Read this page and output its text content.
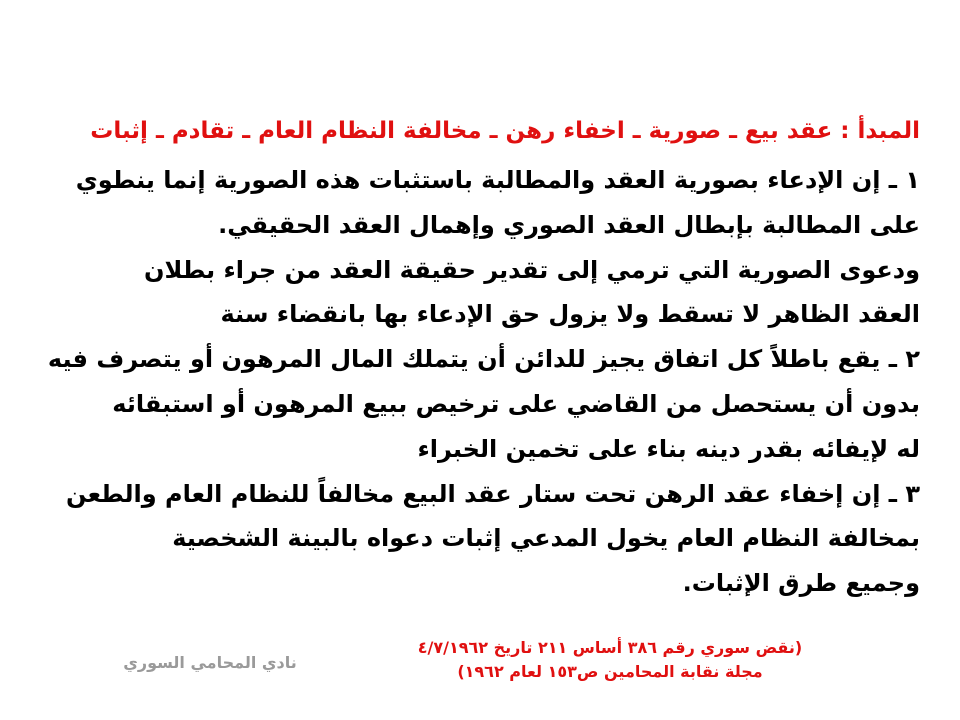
المبدأ : عقد بيع ـ صورية ـ اخفاء رهن ـ مخالفة النظام العام ـ تقادم ـ إثبات
١ ـ إن الإدعاء بصورية العقد والمطالبة باستثبات هذه الصورية إنما ينطوي
على المطالبة بإبطال العقد الصوري وإهمال العقد الحقيقي.
ودعوى الصورية التي ترمي إلى تقدير حقيقة العقد من جراء بطلان
العقد الظاهر لا تسقط ولا يزول حق الإدعاء بها بانقضاء سنة
٢ ـ يقع باطلاً كل اتفاق يجيز للدائن أن يتملك المال المرهون أو يتصرف فيه
بدون أن يستحصل من القاضي على ترخيص ببيع المرهون أو استبقائه
له لإيفائه بقدر دينه بناء على تخمين الخبراء
٣ ـ إن إخفاء عقد الرهن تحت ستار عقد البيع مخالفاً للنظام العام والطعن
بمخالفة النظام العام يخول المدعي إثبات دعواه بالبينة الشخصية
وجميع طرق الإثبات.
(نقض سوري رقم ٣٨٦ أساس ٢١١ تاريخ ٤/٧/١٩٦٢
مجلة نقابة المحامين ص١٥٣ لعام ١٩٦٢)
نادي المحامي السوري
